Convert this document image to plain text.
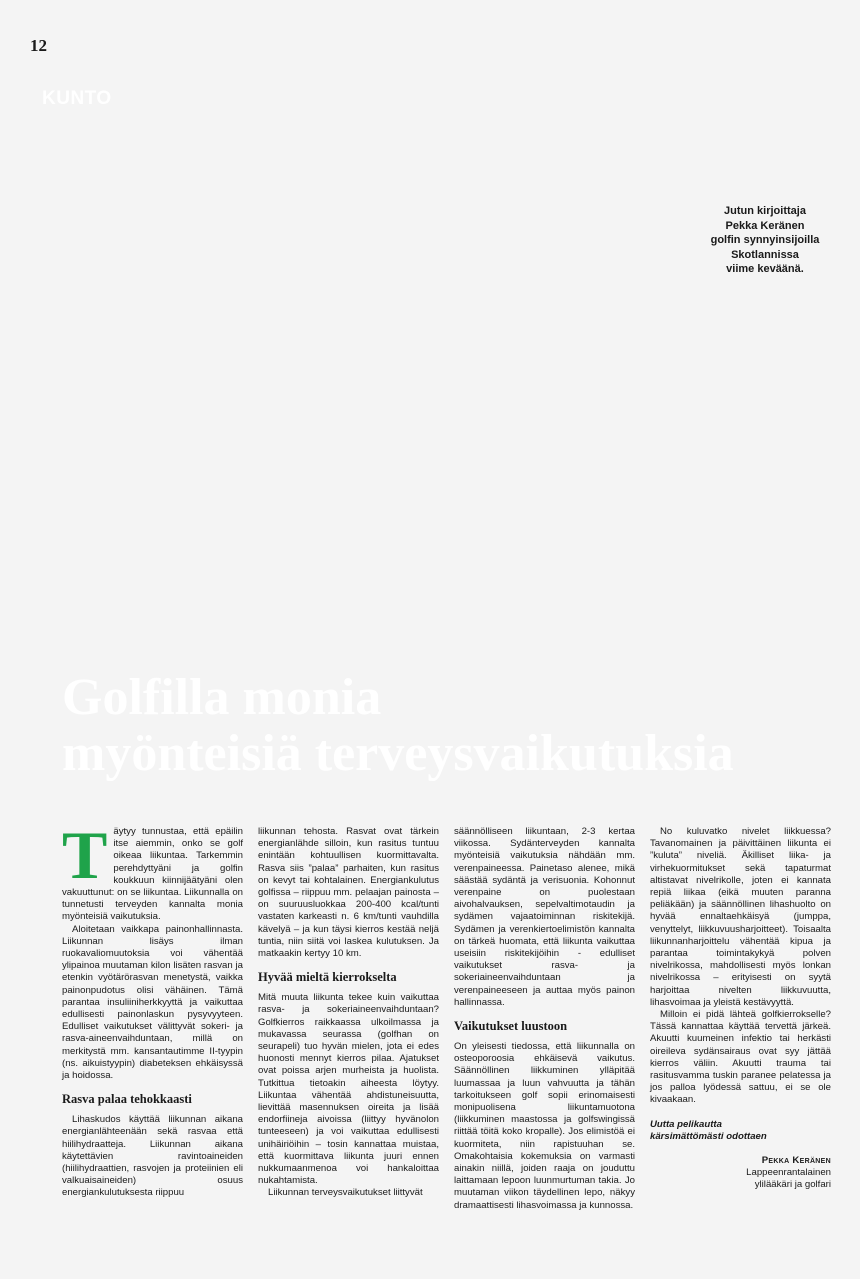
12
KUNTO
Jutun kirjoittaja
Pekka Keränen
golfin synnyinsijoilla
Skotlannissa
viime keväänä.
Golfilla monia
myönteisiä terveysvaikutuksia

Täytyy tunnustaa, että epäilin itse aiemmin, onko se golf oikeaa liikuntaa. Tarkemmin perehdyttyäni ja golfin koukkuun kiinnijäätyäni olen vakuuttunut: on se liikuntaa. Liikunnalla on tunnetusti terveyden kannalta monia myönteisiä vaikutuksia.

Aloitetaan vaikkapa painonhallinnasta. Liikunnan lisäys ilman ruokavaliomuutoksia voi vähentää ylipainoa muutaman kilon lisäten rasvan ja etenkin vyötärörasvan menetystä, vaikka painonpudotus olisi vähäinen. Tämä parantaa insuliiniherkkyyttä ja vaikuttaa edullisesti painonlaskun pysyvyyteen. Edulliset vaikutukset välittyvät sokeri- ja rasva-aineenvaihduntaan, millä on merkitystä mm. kansantautimme II-tyypin (ns. aikuistyypin) diabeteksen ehkäisyssä ja hoidossa.

Rasva palaa tehokkaasti

Lihaskudos käyttää liikunnan aikana energianlähteenään sekä rasvaa että hiilihydraatteja. Liikunnan aikana käytettävien ravintoaineiden (hiilihydraattien, rasvojen ja proteiinien eli valkuaisaineiden) osuus energiankulutuksesta riippuu

liikunnan tehosta. Rasvat ovat tärkein energianlähde silloin, kun rasitus tuntuu enintään kohtuullisen kuormittavalta. Rasva siis ”palaa” parhaiten, kun rasitus on kevyt tai kohtalainen. Energiankulutus golfissa – riippuu mm. pelaajan painosta – on suuruusluokkaa 200-400 kcal/tunti vastaten karkeasti n. 6 km/tunti vauhdilla kävelyä – ja kun täysi kierros kestää neljä tuntia, niin siitä voi laskea kulutuksen. Ja matkaakin kertyy 10 km.

Hyvää mieltä kierrokselta

Mitä muuta liikunta tekee kuin vaikuttaa rasva- ja sokeriaineenvaihduntaan? Golfkierros raikkaassa ulkoilmassa ja mukavassa seurassa (golfhan on seurapeli) tuo hyvän mielen, jota ei edes huonosti mennyt kierros pilaa. Ajatukset ovat poissa arjen murheista ja huolista. Tutkittua tietoakin aiheesta löytyy. Liikuntaa vähentää ahdistuneisuutta, lievittää masennuksen oireita ja lisää endorfiineja aivoissa (liittyy hyvänolon tunteeseen) ja voi vaikuttaa edullisesti unihäiriöihin – tosin kannattaa muistaa, että kuormittava liikunta juuri ennen nukkumaanmenoa voi hankaloittaa nukahtamista.

Liikunnan terveysvaikutukset liittyvät

säännölliseen liikuntaan, 2-3 kertaa viikossa. Sydänterveyden kannalta myönteisiä vaikutuksia nähdään mm. verenpaineessa. Painetaso alenee, mikä säästää sydäntä ja verisuonia. Kohonnut verenpaine on puolestaan aivohalvauksen, sepelvaltimotaudin ja sydämen vajaatoiminnan riskitekijä. Sydämen ja verenkiertoelimistön kannalta on tärkeä huomata, että liikunta vaikuttaa useisiin riskitekijöihin - edulliset vaikutukset rasva- ja sokeriaineenvaihduntaan ja verenpaineeseen ja auttaa myös painon hallinnassa.

Vaikutukset luustoon

On yleisesti tiedossa, että liikunnalla on osteoporoosia ehkäisevä vaikutus. Säännöllinen liikkuminen ylläpitää luumassaa ja luun vahvuutta ja tähän tarkoitukseen golf sopii erinomaisesti monipuolisena liikuntamuotona (liikkuminen maastossa ja golfswingissä riittää töitä koko kropalle). Jos elimistöä ei kuormiteta, niin rapistuuhan se. Omakohtaisia kokemuksia on varmasti ainakin niillä, joiden raaja on jouduttu laittamaan lepoon luunmurtuman takia. Jo muutaman viikon täydellinen lepo, näkyy dramaattisesti lihasvoimassa ja kunnossa.

No kuluvatko nivelet liikkuessa? Tavanomainen ja päivittäinen liikunta ei ”kuluta” niveliä. Äkilliset liika- ja virhekuormitukset sekä tapaturmat altistavat nivelrikolle, joten ei kannata repiä liikaa (eikä muuten paranna peliäkään) ja säännöllinen lihashuolto on hyvää ennaltaehkäisyä (jumppa, venyttelyt, liikkuvuusharjoitteet). Toisaalta liikunnanharjoittelu vähentää kipua ja parantaa toimintakykyä polven nivelrikossa, mahdollisesti myös lonkan nivelrikossa – erityisesti on syytä harjoittaa nivelten liikkuvuutta, lihasvoimaa ja yleistä kestävyyttä.

Milloin ei pidä lähteä golfkierrokselle? Tässä kannattaa käyttää tervettä järkeä. Akuutti kuumeinen infektio tai herkästi oireileva sydänsairaus ovat syy jättää kierros väliin. Akuutti trauma tai rasitusvamma tuskin paranee pelatessa ja jos palloa lyödessä sattuu, ei se ole kivaakaan.

Uutta pelikautta
kärsimättömästi odottaen
Pekka Keränen
Lappeenrantalainen
ylilääkäri ja golfari
